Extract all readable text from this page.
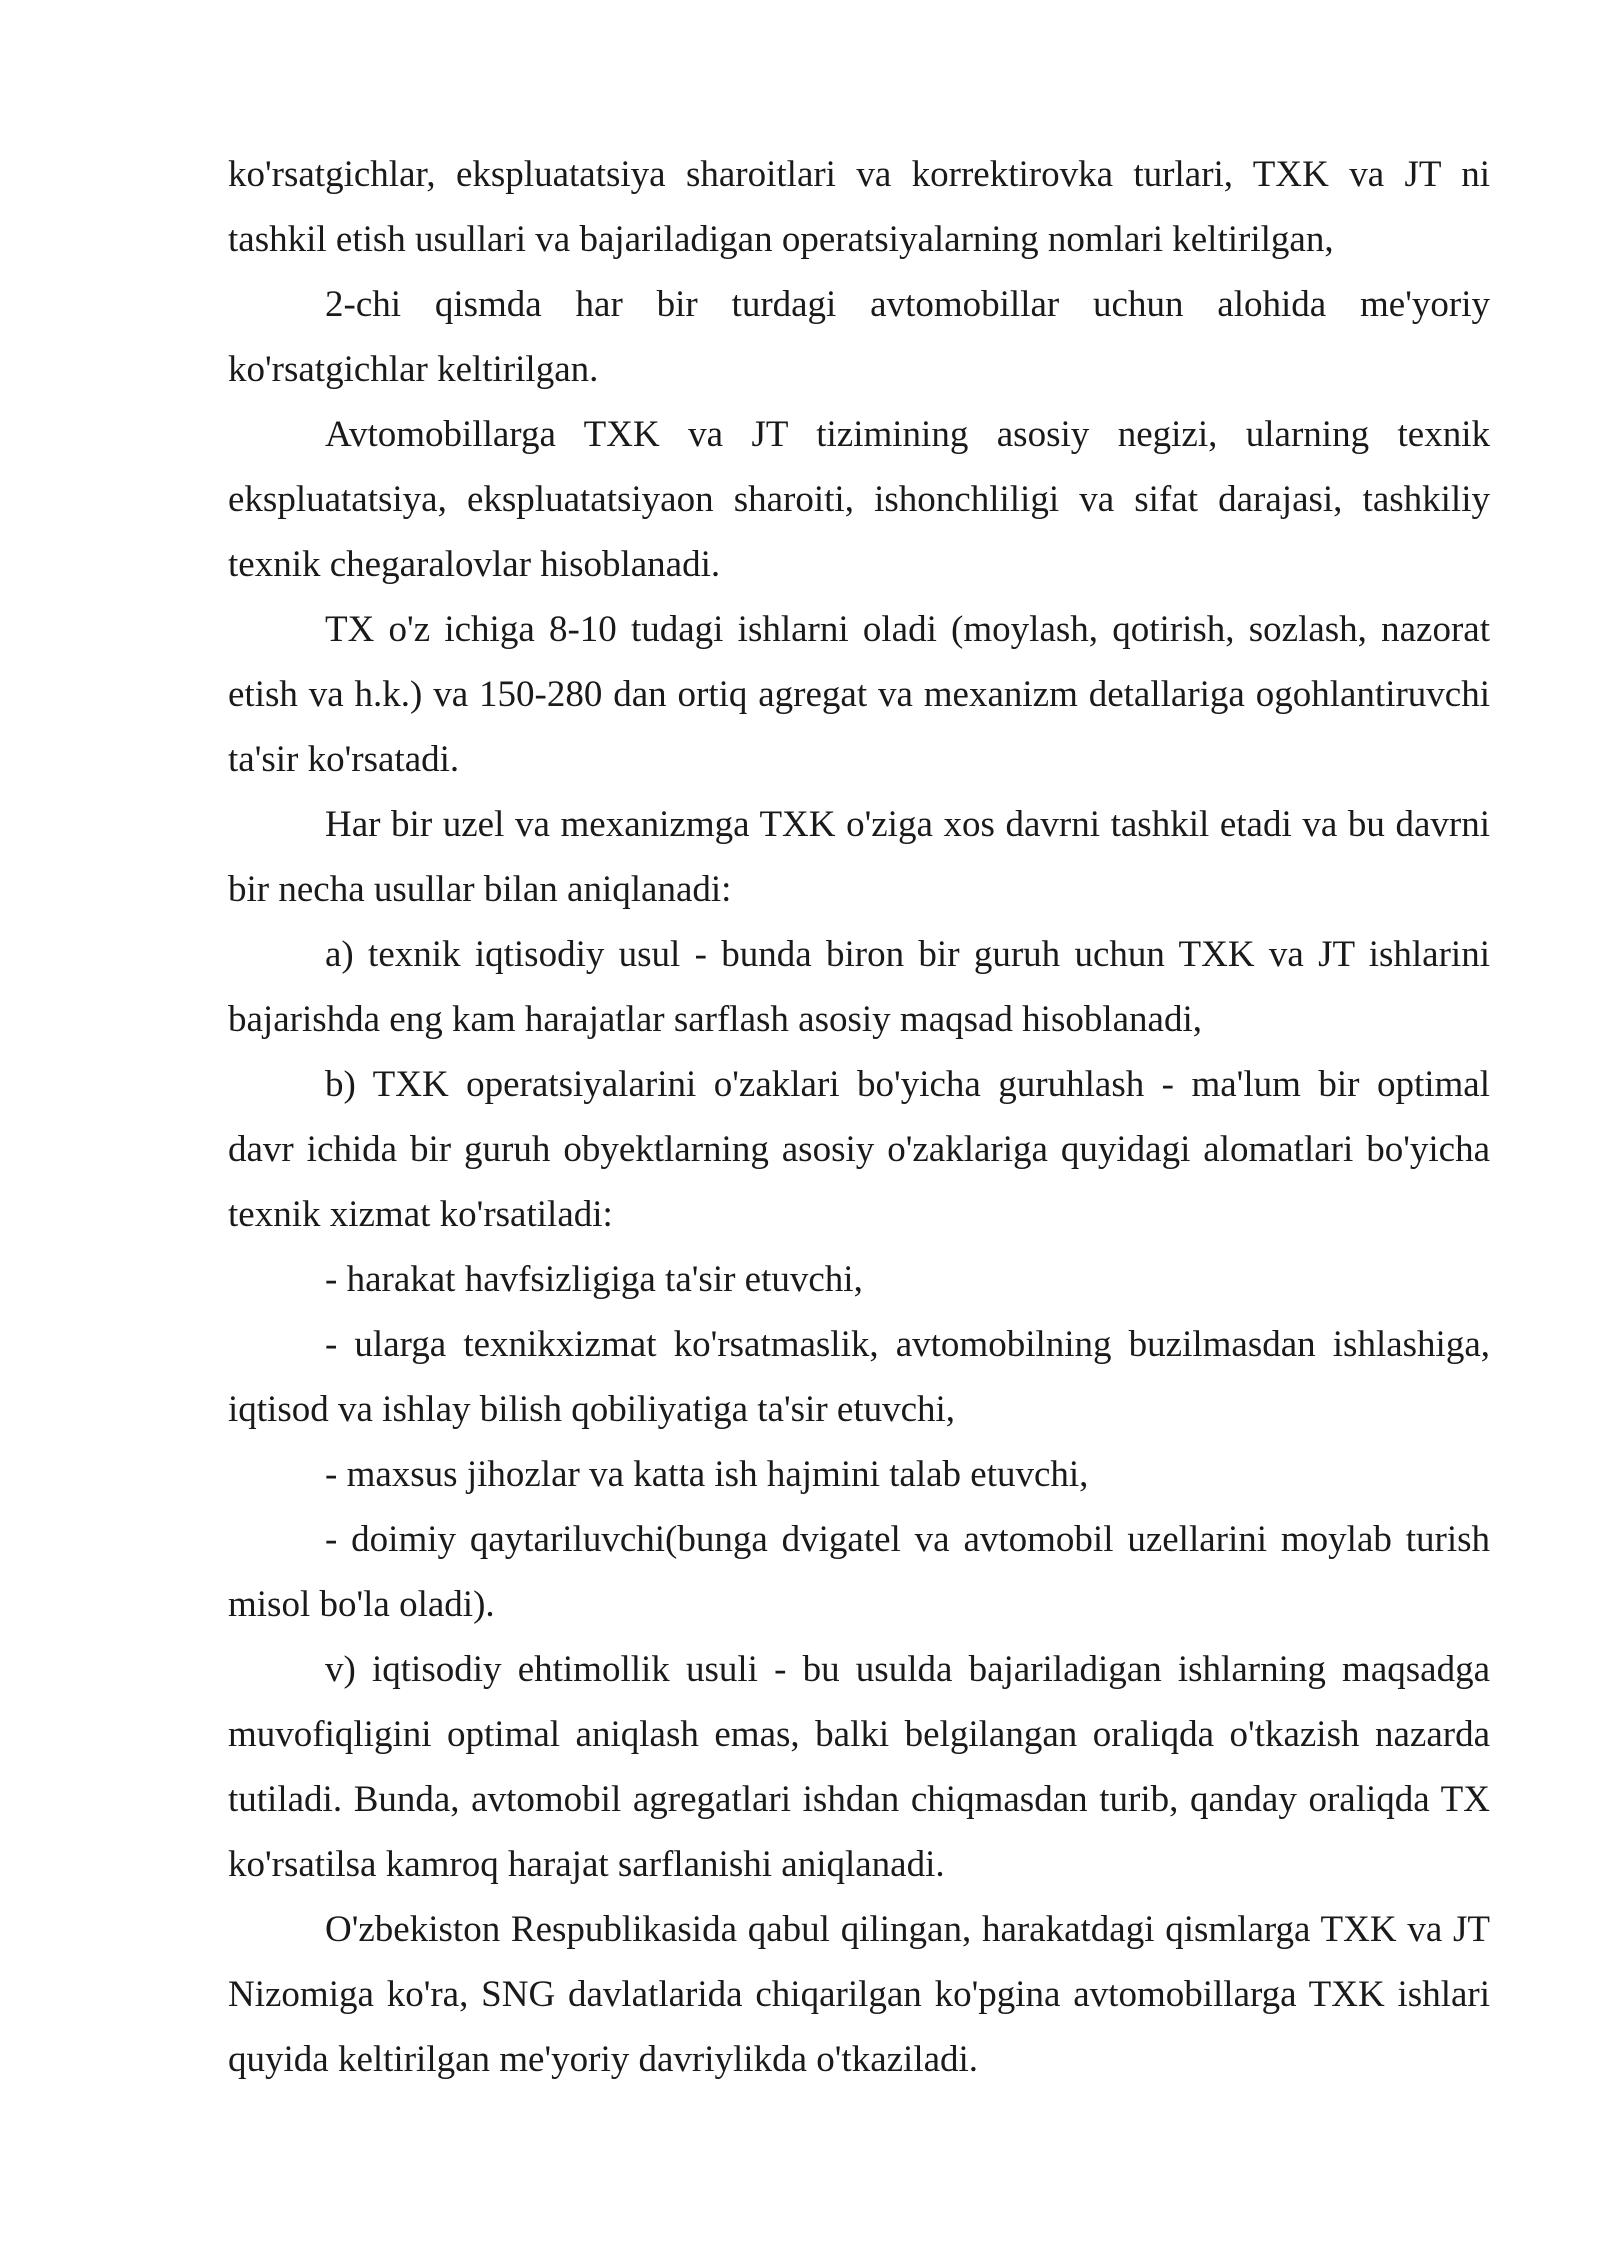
ko'rsatgichlar, ekspluatatsiya sharoitlari va korrektirovka turlari, TXK va JT ni tashkil etish usullari va bajariladigan operatsiyalarning nomlari keltirilgan,

2-chi qismda har bir turdagi avtomobillar uchun alohida me'yoriy ko'rsatgichlar keltirilgan.

Avtomobillarga TXK va JT tizimining asosiy negizi, ularning texnik ekspluatatsiya, ekspluatatsiyaon sharoiti, ishonchliligi va sifat darajasi, tashkiliy texnik chegaralovlar hisoblanadi.

TX o'z ichiga 8-10 tudagi ishlarni oladi (moylash, qotirish, sozlash, nazorat etish va h.k.) va 150-280 dan ortiq agregat va mexanizm detallariga ogohlantiruvchi ta'sir ko'rsatadi.

Har bir uzel va mexanizmga TXK o'ziga xos davrni tashkil etadi va bu davrni bir necha usullar bilan aniqlanadi:

a) texnik iqtisodiy usul - bunda biron bir guruh uchun TXK va JT ishlarini bajarishda eng kam harajatlar sarflash asosiy maqsad hisoblanadi,

b) TXK operatsiyalarini o'zaklari bo'yicha guruhlash - ma'lum bir optimal davr ichida bir guruh obyektlarning asosiy o'zaklariga quyidagi alomatlari bo'yicha texnik xizmat ko'rsatiladi:

- harakat havfsizligiga ta'sir etuvchi,

- ularga texnikxizmat ko'rsatmaslik, avtomobilning buzilmasdan ishlashiga, iqtisod va ishlay bilish qobiliyatiga ta'sir etuvchi,

- maxsus jihozlar va katta ish hajmini talab etuvchi,

- doimiy qaytariluvchi(bunga dvigatel va avtomobil uzellarini moylab turish misol bo'la oladi).

v) iqtisodiy ehtimollik usuli - bu usulda bajariladigan ishlarning maqsadga muvofiqligini optimal aniqlash emas, balki belgilangan oraliqda o'tkazish nazarda tutiladi. Bunda, avtomobil agregatlari ishdan chiqmasdan turib, qanday oraliqda TX ko'rsatilsa kamroq harajat sarflanishi aniqlanadi.

O'zbekiston Respublikasida qabul qilingan, harakatdagi qismlarga TXK va JT Nizomiga ko'ra, SNG davlatlarida chiqarilgan ko'pgina avtomobillarga TXK ishlari quyida keltirilgan me'yoriy davriylikda o'tkaziladi.
